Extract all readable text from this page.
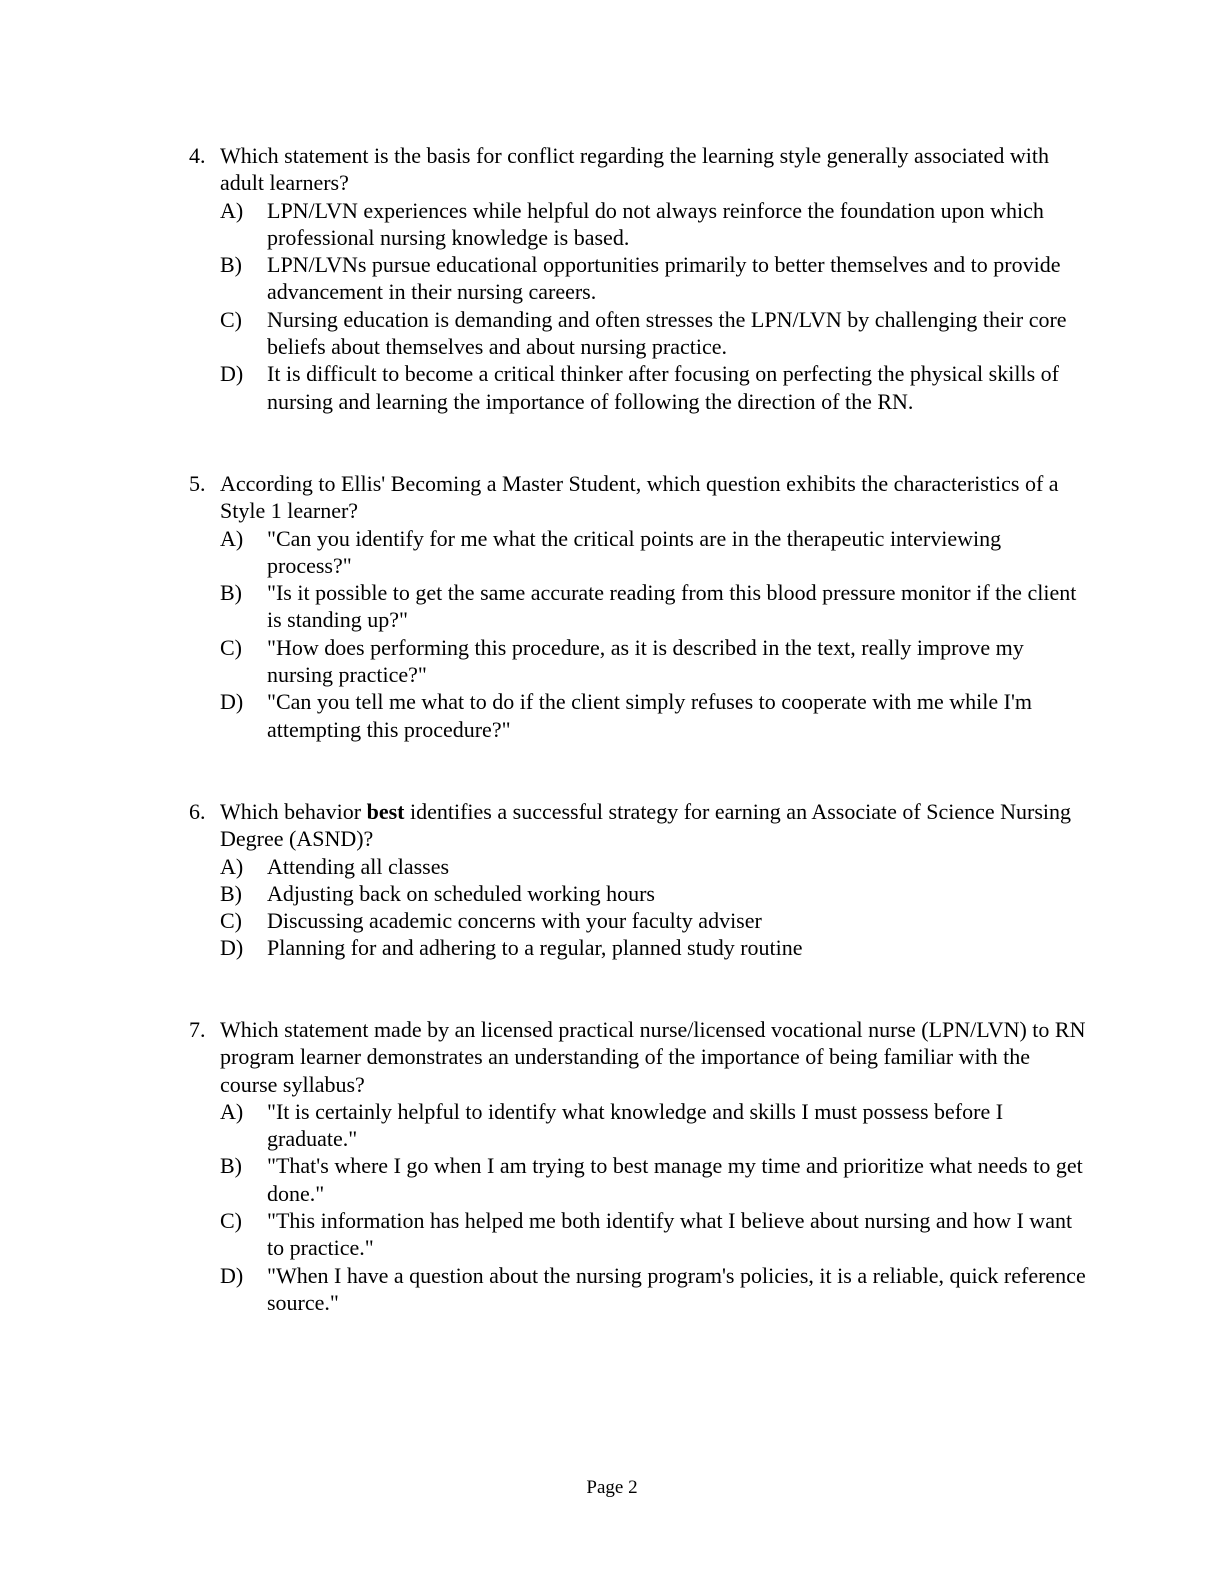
4. Which statement is the basis for conflict regarding the learning style generally associated with adult learners?
A)	LPN/LVN experiences while helpful do not always reinforce the foundation upon which professional nursing knowledge is based.
B)	LPN/LVNs pursue educational opportunities primarily to better themselves and to provide advancement in their nursing careers.
C)	Nursing education is demanding and often stresses the LPN/LVN by challenging their core beliefs about themselves and about nursing practice.
D)	It is difficult to become a critical thinker after focusing on perfecting the physical skills of nursing and learning the importance of following the direction of the RN.
5. According to Ellis' Becoming a Master Student, which question exhibits the characteristics of a Style 1 learner?
A)	"Can you identify for me what the critical points are in the therapeutic interviewing process?"
B)	"Is it possible to get the same accurate reading from this blood pressure monitor if the client is standing up?"
C)	"How does performing this procedure, as it is described in the text, really improve my nursing practice?"
D)	"Can you tell me what to do if the client simply refuses to cooperate with me while I'm attempting this procedure?"
6. Which behavior best identifies a successful strategy for earning an Associate of Science Nursing Degree (ASND)?
A)	Attending all classes
B)	Adjusting back on scheduled working hours
C)	Discussing academic concerns with your faculty adviser
D)	Planning for and adhering to a regular, planned study routine
7. Which statement made by an licensed practical nurse/licensed vocational nurse (LPN/LVN) to RN program learner demonstrates an understanding of the importance of being familiar with the course syllabus?
A)	"It is certainly helpful to identify what knowledge and skills I must possess before I graduate."
B)	"That's where I go when I am trying to best manage my time and prioritize what needs to get done."
C)	"This information has helped me both identify what I believe about nursing and how I want to practice."
D)	"When I have a question about the nursing program's policies, it is a reliable, quick reference source."
Page 2
